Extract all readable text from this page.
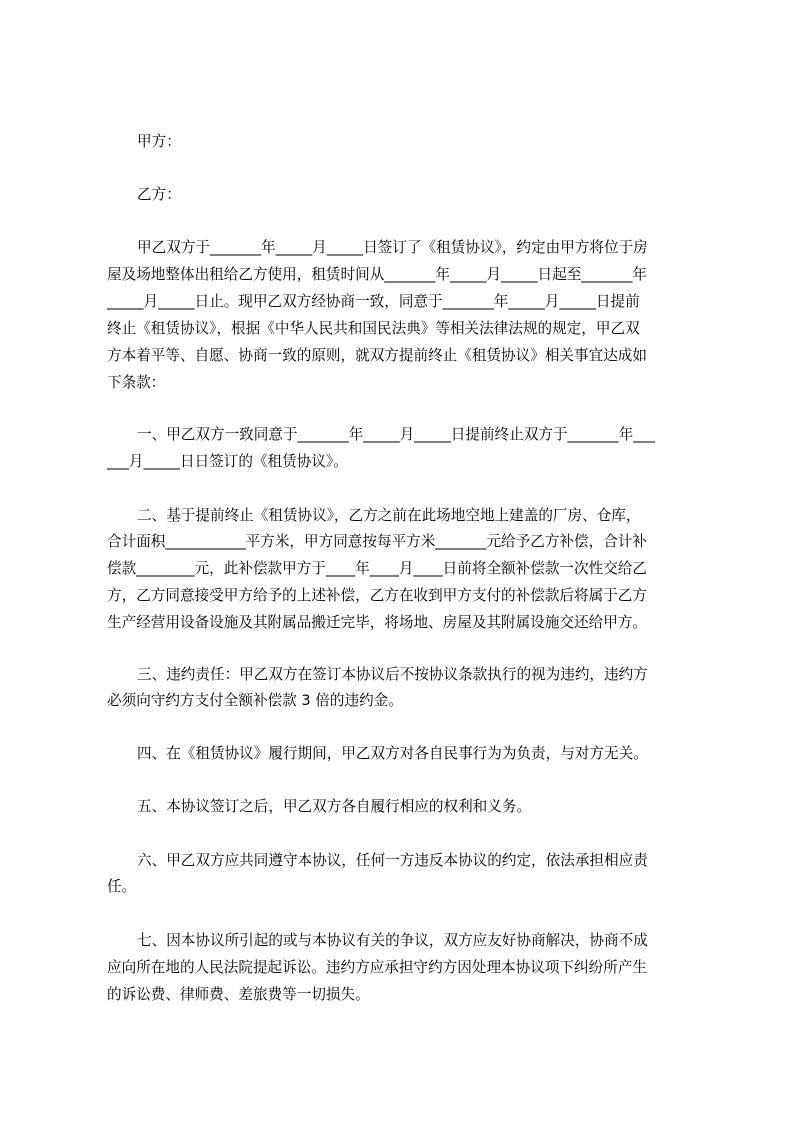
甲方：

乙方：

甲乙双方于_______年_____月_____日签订了《租赁协议》，约定由甲方将位于房

屋及场地整体出租给乙方使用，租赁时间从_______年_____月_____日起至_______年

_____月_____日止。现甲乙双方经协商一致，同意于_______年_____月_____日提前

终止《租赁协议》，根据《中华人民共和国民法典》等相关法律法规的规定，甲乙双

方本着平等、自愿、协商一致的原则，就双方提前终止《租赁协议》相关事宜达成如

下条款：

一、甲乙双方一致同意于_______年_____月_____日提前终止双方于_______年___

___月_____日日签订的《租赁协议》。

二、基于提前终止《租赁协议》，乙方之前在此场地空地上建盖的厂房、仓库，

合计面积___________平方米，甲方同意按每平方米_______元给予乙方补偿，合计补

偿款________元，此补偿款甲方于____年____月____日前将全额补偿款一次性交给乙

方，乙方同意接受甲方给予的上述补偿，乙方在收到甲方支付的补偿款后将属于乙方

生产经营用设备设施及其附属品搬迁完毕，将场地、房屋及其附属设施交还给甲方。

三、违约责任：甲乙双方在签订本协议后不按协议条款执行的视为违约，违约方

必须向守约方支付全额补偿款 3 倍的违约金。

四、在《租赁协议》履行期间，甲乙双方对各自民事行为为负责，与对方无关。

五、本协议签订之后，甲乙双方各自履行相应的权利和义务。

六、甲乙双方应共同遵守本协议，任何一方违反本协议的约定，依法承担相应责

任。

七、因本协议所引起的或与本协议有关的争议，双方应友好协商解决，协商不成

应向所在地的人民法院提起诉讼。违约方应承担守约方因处理本协议项下纠纷所产生

的诉讼费、律师费、差旅费等一切损失。
